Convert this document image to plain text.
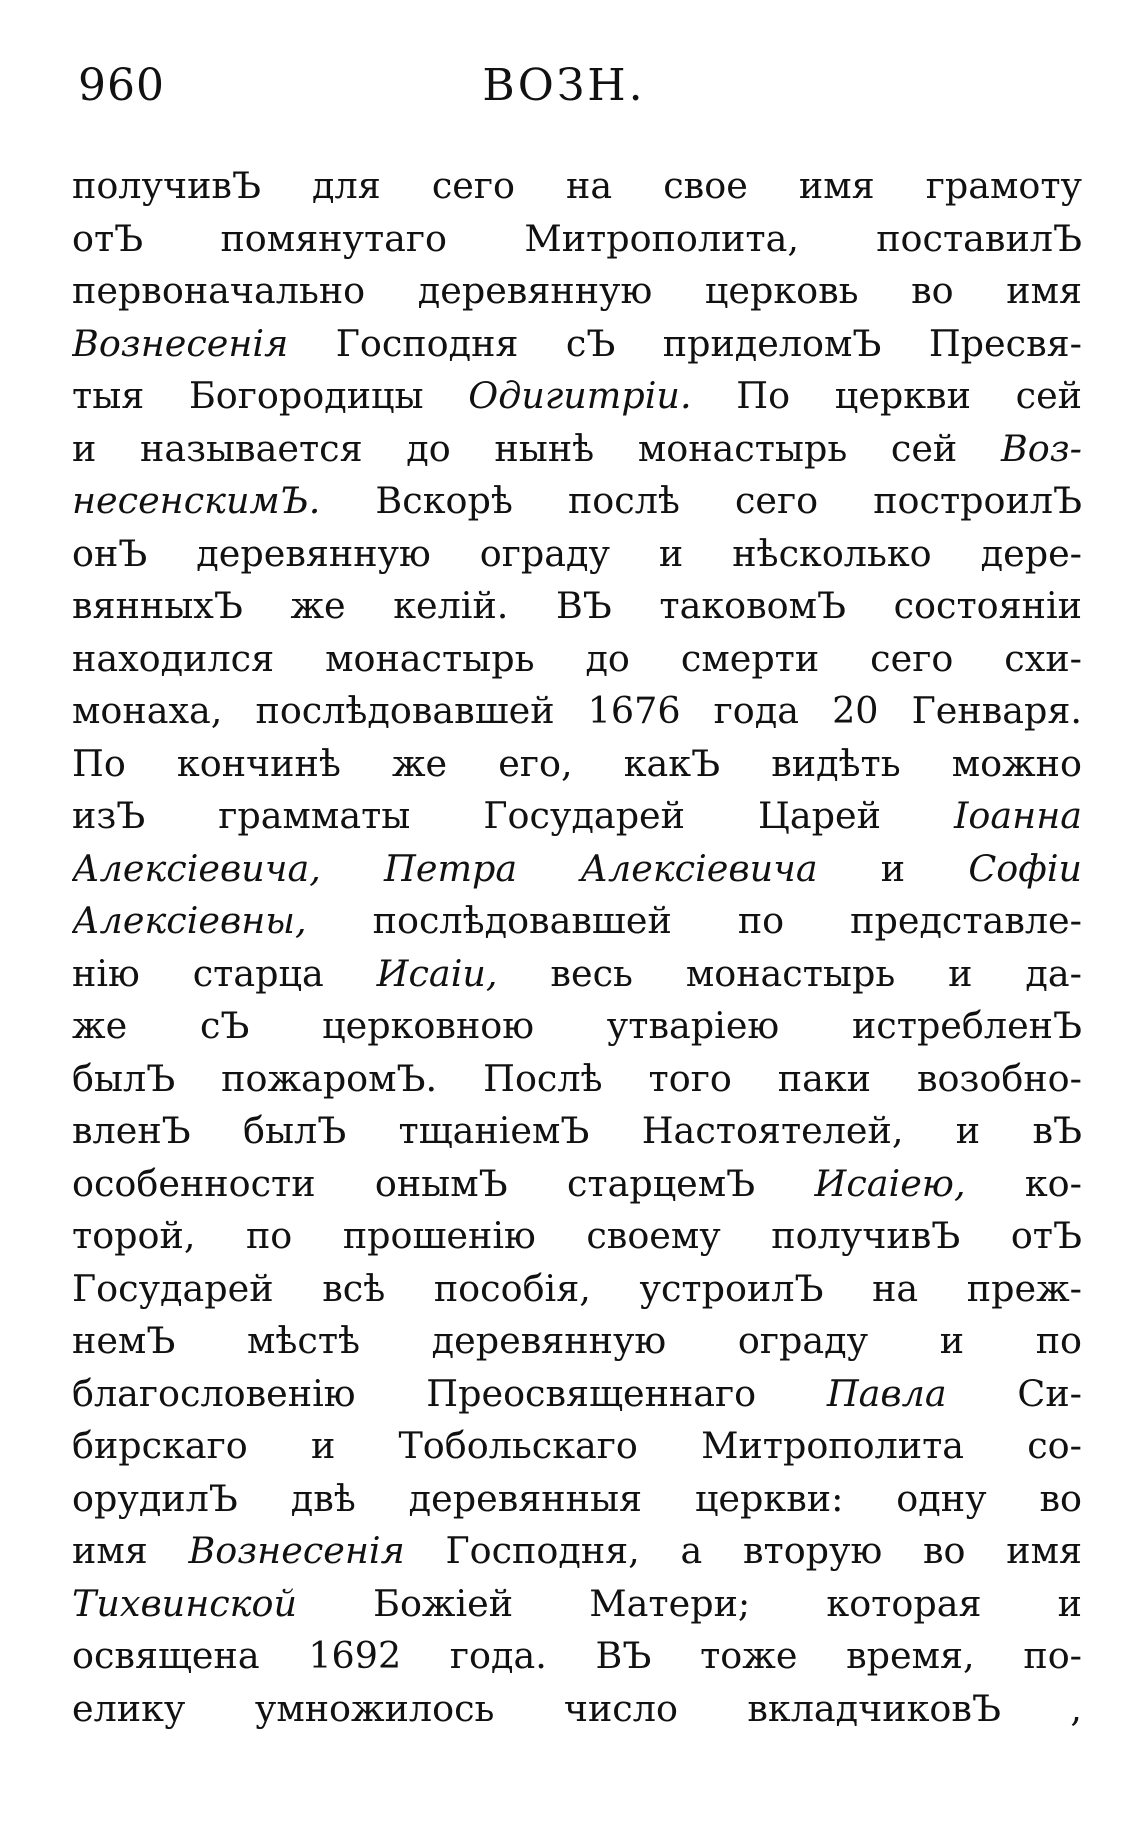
960	ВОЗН.
получивЪ для сего на свое имя грамоту
отЪ помянутаго Митрополита, поставилЪ
первоначально деревянную церковь во имя
Вознесенія Господня сЪ приделомЪ Пресвя-
тыя Богородицы Одигитріи. По церкви сей
и называется до нынѣ монастырь сей Воз-
несенскимЪ. Вскорѣ послѣ сего построилЪ
онЪ деревянную ограду и нѣсколько дере-
вянныхЪ же келій. ВЪ таковомЪ состояніи
находился монастырь до смерти сего схи-
монаха, послѣдовавшей 1676 года 20 Генваря.
По кончинѣ же его, какЪ видѣть можно
изЪ граммaты Государей Царей Іоанна
Алексіевича, Петра Алексіевича и Софіи
Алексіевны, послѣдовавшей по представле-
нію старца Исаіи, весь монастырь и да-
же сЪ церковною утваріею истребленЪ
былЪ пожаромЪ. Послѣ того паки возобно-
вленЪ былЪ тщаніемЪ Настоятелей, и вЪ
особенности онымЪ старцемЪ Исаіею, ко-
торой, по прошенію своему получивЪ отЪ
Государей всѣ пособія, устроилЪ на преж-
немЪ мѣстѣ деревянную ограду и по
благословенію Преосвященнаго Павла Си-
бирскаго и Тобольскаго Митрополита со-
орудилЪ двѣ деревянныя церкви: одну во
имя Вознесенія Господня, а вторую во имя
Тихвинской Божіей Матери; которая и
освящена 1692 года. ВЪ тоже время, по-
елику умножилось число вкладчиковЪ ,
